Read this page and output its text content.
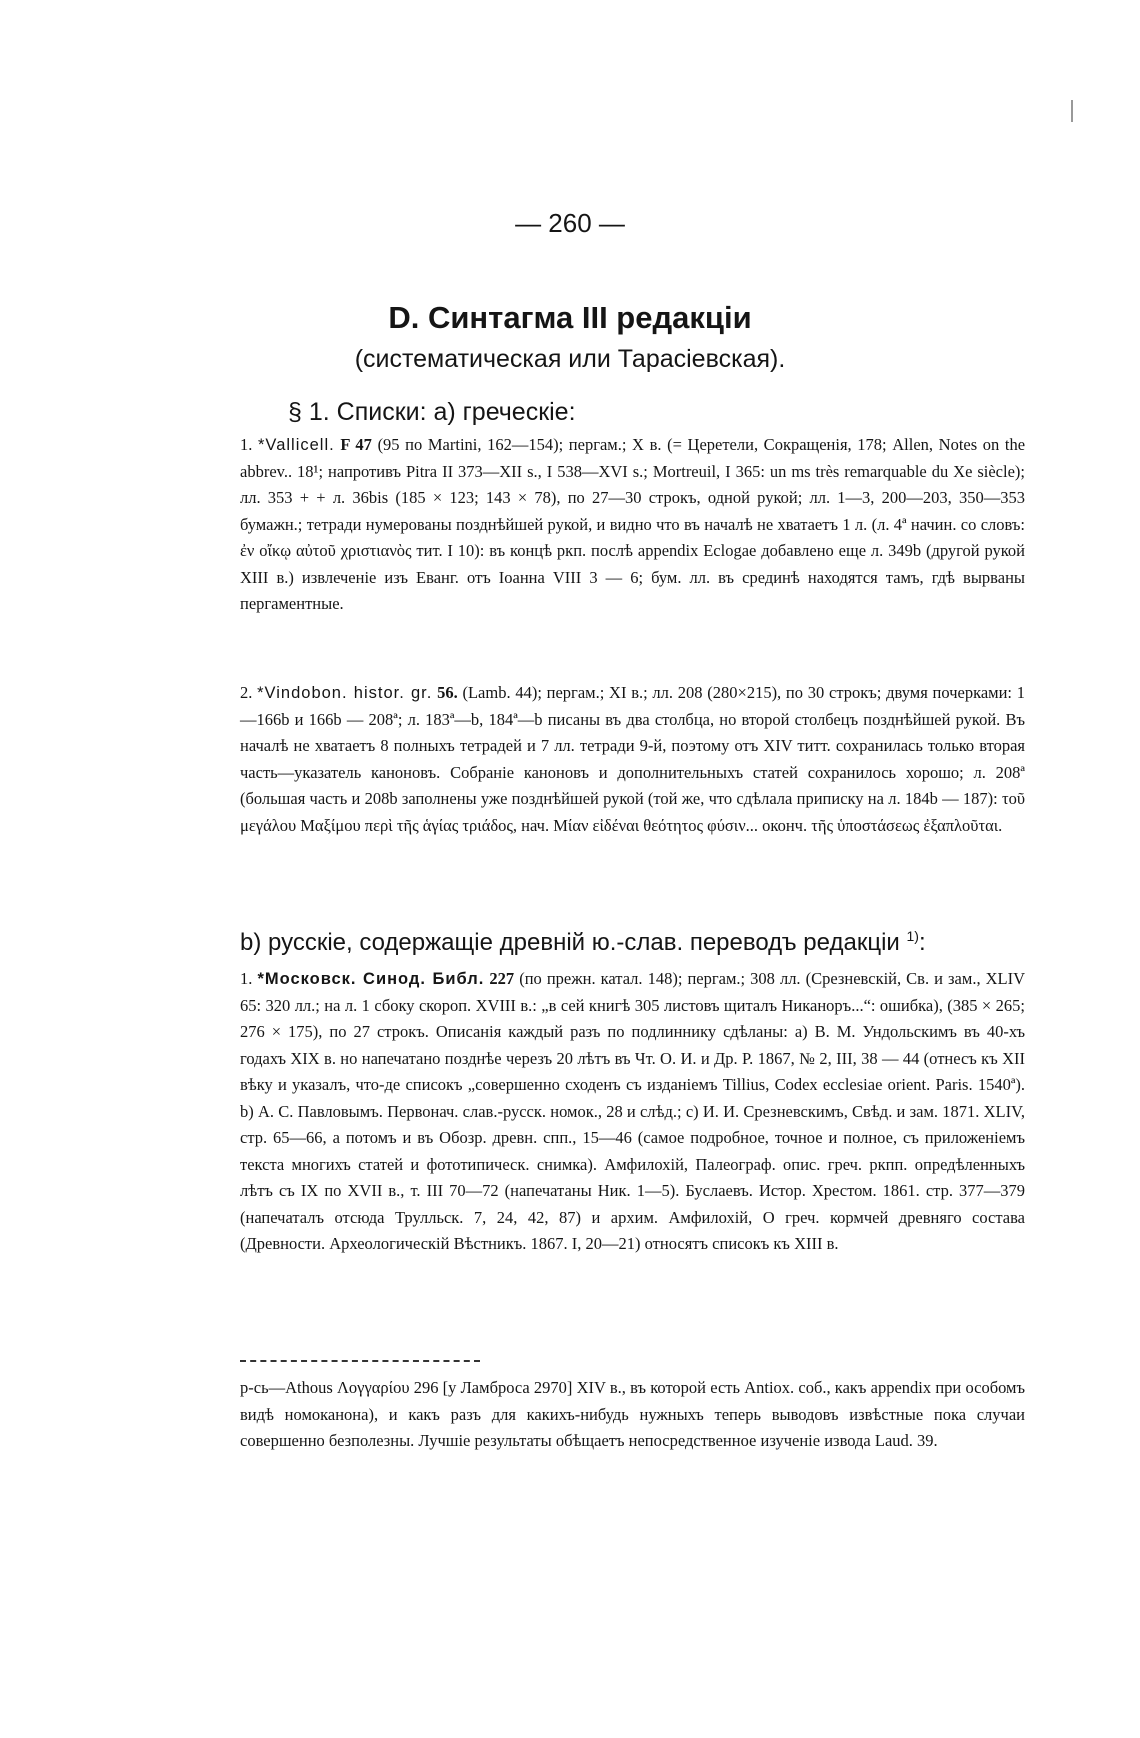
— 260 —
D. Синтагма III редакціи
(систематическая или Тарасіевская).
§ 1. Списки: а) греческіе:

1. *Vallicell. F 47 (95 по Martini, 162—154); пергам.; X в. (= Церетели, Сокращенія, 178; Allen, Notes on the abbrev.. 18¹; напротивъ Pitra II 373—XII s., I 538—XVI s.; Mortreuil, I 365: un ms très remarquable du Xe siècle); лл. 353 + + л. 36bis (185 × 123; 143 × 78), по 27—30 строкъ, одной рукой; лл. 1—3, 200—203, 350—353 бумажн.; тетради нумерованы позднѣйшей рукой, и видно что въ началѣ не хватаетъ 1 л. (л. 4ª начин. со словъ: ἐν οἴκῳ αὐτοῦ χριστιανὸς тит. I 10): въ концѣ ркп. послѣ appendix Eclogae добавлено еще л. 349b (другой рукой XIII в.) извлеченіе изъ Еванг. отъ Іоанна VIII 3 — 6; бум. лл. въ срединѣ находятся тамъ, гдѣ вырваны пергаментные.

2. *Vindobon. histor. gr. 56. (Lamb. 44); пергам.; XI в.; лл. 208 (280×215), по 30 строкъ; двумя почерками: 1—166b и 166b — 208ª; л. 183ª—b, 184ª—b писаны въ два столбца, но второй столбецъ позднѣйшей рукой. Въ началѣ не хватаетъ 8 полныхъ тетрадей и 7 лл. тетради 9-й, поэтому отъ XIV титт. сохранилась только вторая часть—указатель каноновъ. Собраніе каноновъ и дополнительныхъ статей сохранилось хорошо; л. 208ª (большая часть и 208b заполнены уже позднѣйшей рукой (той же, что сдѣлала приписку на л. 184b — 187): τοῦ μεγάλου Μαξίμου περὶ τῆς ἁγίας τριάδος, нач. Μίαν εἰδέναι θεότητος φύσιν... оконч. τῆς ὑποστάσεως ἐξαπλοῦται.

b) русскіе, содержащіе древній ю.-слав. переводъ редакціи $^{1)}$:

1. *Московск. Синод. Библ. 227 (по прежн. катал. 148); пергам.; 308 лл. (Срезневскій, Св. и зам., XLIV 65: 320 лл.; на л. 1 сбоку скороп. XVIII в.: „в сей книгѣ 305 листовъ щиталъ Никаноръ...“: ошибка), (385 × 265; 276 × 175), по 27 строкъ. Описанія каждый разъ по подлиннику сдѣланы: а) В. М. Ундольскимъ въ 40-хъ годахъ XIX в. но напечатано позднѣе черезъ 20 лѣтъ въ Чт. О. И. и Др. Р. 1867, № 2, III, 38 — 44 (отнесъ къ XII вѣку и указалъ, что-де списокъ „совершенно сходенъ съ изданіемъ Tillius, Codex ecclesiae orient. Paris. 1540ª). b) А. С. Павловымъ. Первонач. слав.-русск. номок., 28 и слѣд.; c) И. И. Срезневскимъ, Свѣд. и зам. 1871. XLIV, стр. 65—66, а потомъ и въ Обозр. древн. спп., 15—46 (самое подробное, точное и полное, съ приложеніемъ текста многихъ статей и фототипическ. снимка). Амфилохій, Палеограф. опис. греч. ркпп. опредѣленныхъ лѣтъ съ IX по XVII в., т. III 70—72 (напечатаны Ник. 1—5). Буслаевъ. Истор. Хрестом. 1861. стр. 377—379 (напечаталъ отсюда Трулльск. 7, 24, 42, 87) и архим. Амфилохій, О греч. кормчей древняго состава (Древности. Археологическій Вѣстникъ. 1867. I, 20—21) относятъ списокъ къ XIII в.

р-сь—Athous Λογγαρίου 296 [у Ламброса 2970] XIV в., въ которой есть Antioх. соб., какъ appendix при особомъ видѣ номоканона), и какъ разъ для какихъ-нибудь нужныхъ теперь выводовъ извѣстные пока случаи совершенно безполезны. Лучшіе результаты обѣщаетъ непосредственное изученіе извода Laud. 39.
